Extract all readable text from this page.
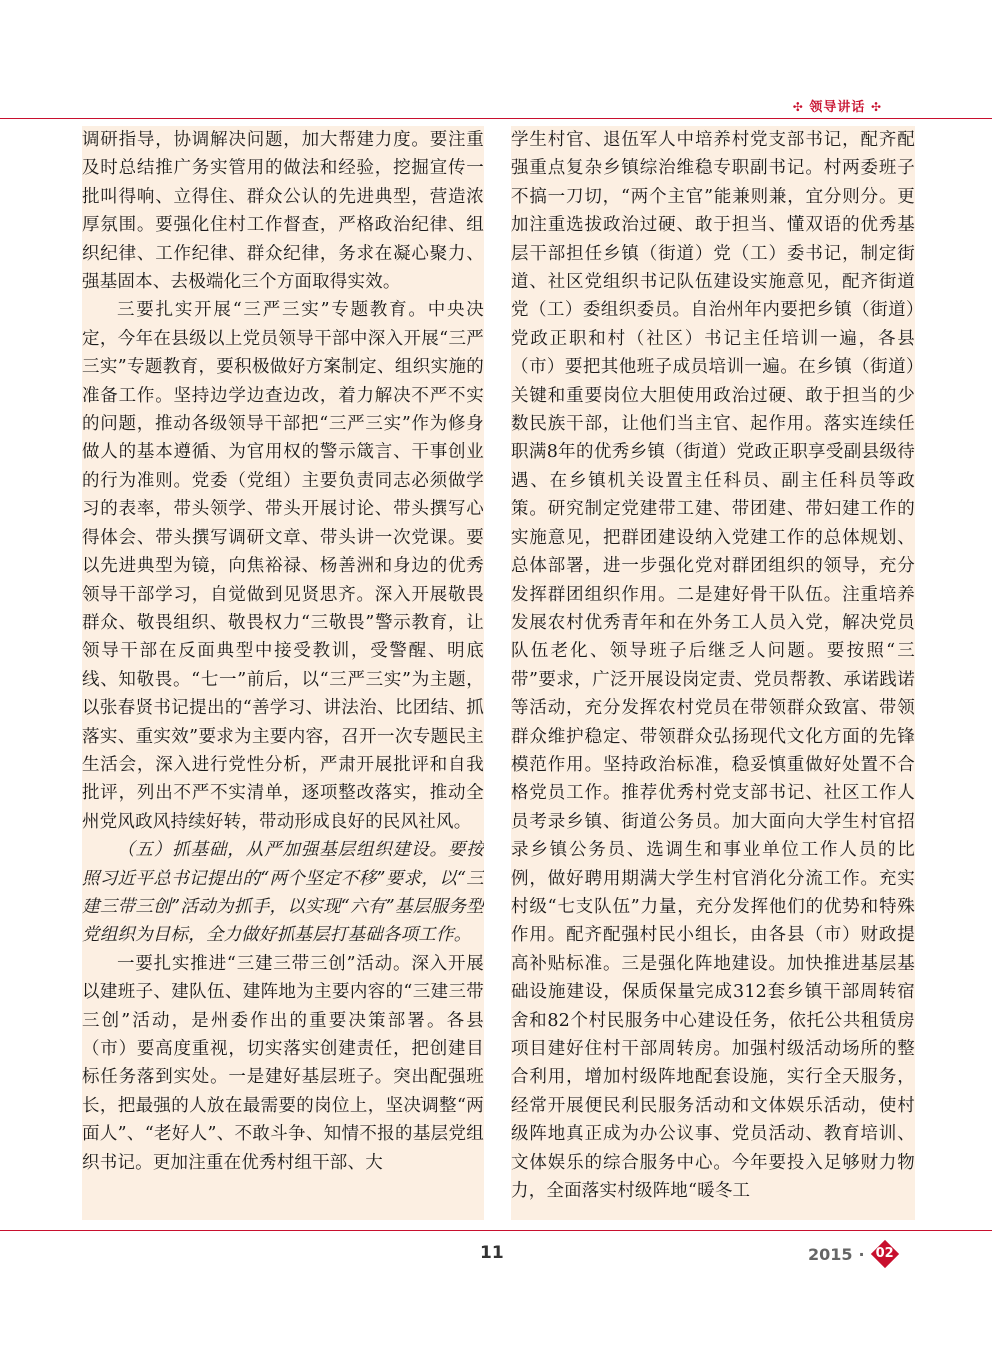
✣ 领导讲话 ✣

调研指导，协调解决问题，加大帮建力度。要注重及时总结推广务实管用的做法和经验，挖掘宣传一批叫得响、立得住、群众公认的先进典型，营造浓厚氛围。要强化住村工作督查，严格政治纪律、组织纪律、工作纪律、群众纪律，务求在凝心聚力、强基固本、去极端化三个方面取得实效。

三要扎实开展“三严三实”专题教育。中央决定，今年在县级以上党员领导干部中深入开展“三严三实”专题教育，要积极做好方案制定、组织实施的准备工作。坚持边学边查边改，着力解决不严不实的问题，推动各级领导干部把“三严三实”作为修身做人的基本遵循、为官用权的警示箴言、干事创业的行为准则。党委（党组）主要负责同志必须做学习的表率，带头领学、带头开展讨论、带头撰写心得体会、带头撰写调研文章、带头讲一次党课。要以先进典型为镜，向焦裕禄、杨善洲和身边的优秀领导干部学习，自觉做到见贤思齐。深入开展敬畏群众、敬畏组织、敬畏权力“三敬畏”警示教育，让领导干部在反面典型中接受教训，受警醒、明底线、知敬畏。“七一”前后，以“三严三实”为主题，以张春贤书记提出的“善学习、讲法治、比团结、抓落实、重实效”要求为主要内容，召开一次专题民主生活会，深入进行党性分析，严肃开展批评和自我批评，列出不严不实清单，逐项整改落实，推动全州党风政风持续好转，带动形成良好的民风社风。

（五）抓基础，从严加强基层组织建设。要按照习近平总书记提出的“两个坚定不移”要求，以“三建三带三创”活动为抓手，以实现“六有”基层服务型党组织为目标，全力做好抓基层打基础各项工作。

一要扎实推进“三建三带三创”活动。深入开展以建班子、建队伍、建阵地为主要内容的“三建三带三创”活动，是州委作出的重要决策部署。各县（市）要高度重视，切实落实创建责任，把创建目标任务落到实处。一是建好基层班子。突出配强班长，把最强的人放在最需要的岗位上，坚决调整“两面人”、“老好人”、不敢斗争、知情不报的基层党组织书记。更加注重在优秀村组干部、大

学生村官、退伍军人中培养村党支部书记，配齐配强重点复杂乡镇综治维稳专职副书记。村两委班子不搞一刀切，“两个主官”能兼则兼，宜分则分。更加注重选拔政治过硬、敢于担当、懂双语的优秀基层干部担任乡镇（街道）党（工）委书记，制定街道、社区党组织书记队伍建设实施意见，配齐街道党（工）委组织委员。自治州年内要把乡镇（街道）党政正职和村（社区）书记主任培训一遍，各县（市）要把其他班子成员培训一遍。在乡镇（街道）关键和重要岗位大胆使用政治过硬、敢于担当的少数民族干部，让他们当主官、起作用。落实连续任职满8年的优秀乡镇（街道）党政正职享受副县级待遇、在乡镇机关设置主任科员、副主任科员等政策。研究制定党建带工建、带团建、带妇建工作的实施意见，把群团建设纳入党建工作的总体规划、总体部署，进一步强化党对群团组织的领导，充分发挥群团组织作用。二是建好骨干队伍。注重培养发展农村优秀青年和在外务工人员入党，解决党员队伍老化、领导班子后继乏人问题。要按照“三带”要求，广泛开展设岗定责、党员帮教、承诺践诺等活动，充分发挥农村党员在带领群众致富、带领群众维护稳定、带领群众弘扬现代文化方面的先锋模范作用。坚持政治标准，稳妥慎重做好处置不合格党员工作。推荐优秀村党支部书记、社区工作人员考录乡镇、街道公务员。加大面向大学生村官招录乡镇公务员、选调生和事业单位工作人员的比例，做好聘用期满大学生村官消化分流工作。充实村级“七支队伍”力量，充分发挥他们的优势和特殊作用。配齐配强村民小组长，由各县（市）财政提高补贴标准。三是强化阵地建设。加快推进基层基础设施建设，保质保量完成312套乡镇干部周转宿舍和82个村民服务中心建设任务，依托公共租赁房项目建好住村干部周转房。加强村级活动场所的整合利用，增加村级阵地配套设施，实行全天服务，经常开展便民利民服务活动和文体娱乐活动，使村级阵地真正成为办公议事、党员活动、教育培训、文体娱乐的综合服务中心。今年要投入足够财力物力，全面落实村级阵地“暖冬工

11	2015 · 02
